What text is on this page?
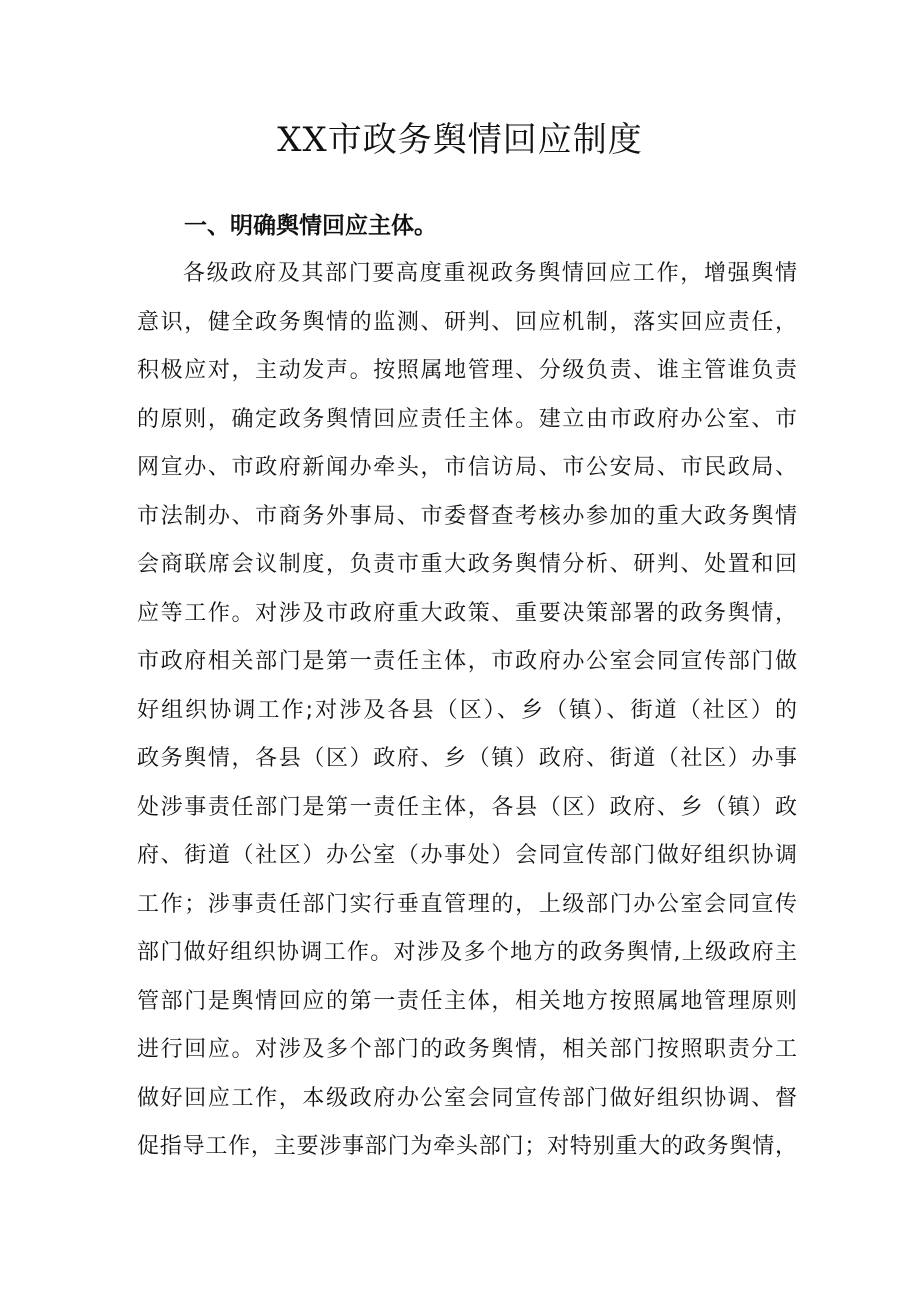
XX市政务舆情回应制度
一、明确舆情回应主体。
各级政府及其部门要高度重视政务舆情回应工作，增强舆情
意识，健全政务舆情的监测、研判、回应机制，落实回应责任，
积极应对，主动发声。按照属地管理、分级负责、谁主管谁负责
的原则，确定政务舆情回应责任主体。建立由市政府办公室、市
网宣办、市政府新闻办牵头，市信访局、市公安局、市民政局、
市法制办、市商务外事局、市委督查考核办参加的重大政务舆情
会商联席会议制度，负责市重大政务舆情分析、研判、处置和回
应等工作。对涉及市政府重大政策、重要决策部署的政务舆情，
市政府相关部门是第一责任主体，市政府办公室会同宣传部门做
好组织协调工作;对涉及各县（区）、乡（镇）、街道（社区）的
政务舆情，各县（区）政府、乡（镇）政府、街道（社区）办事
处涉事责任部门是第一责任主体，各县（区）政府、乡（镇）政
府、街道（社区）办公室（办事处）会同宣传部门做好组织协调
工作；涉事责任部门实行垂直管理的，上级部门办公室会同宣传
部门做好组织协调工作。对涉及多个地方的政务舆情,上级政府主
管部门是舆情回应的第一责任主体，相关地方按照属地管理原则
进行回应。对涉及多个部门的政务舆情，相关部门按照职责分工
做好回应工作，本级政府办公室会同宣传部门做好组织协调、督
促指导工作，主要涉事部门为牵头部门；对特别重大的政务舆情，
